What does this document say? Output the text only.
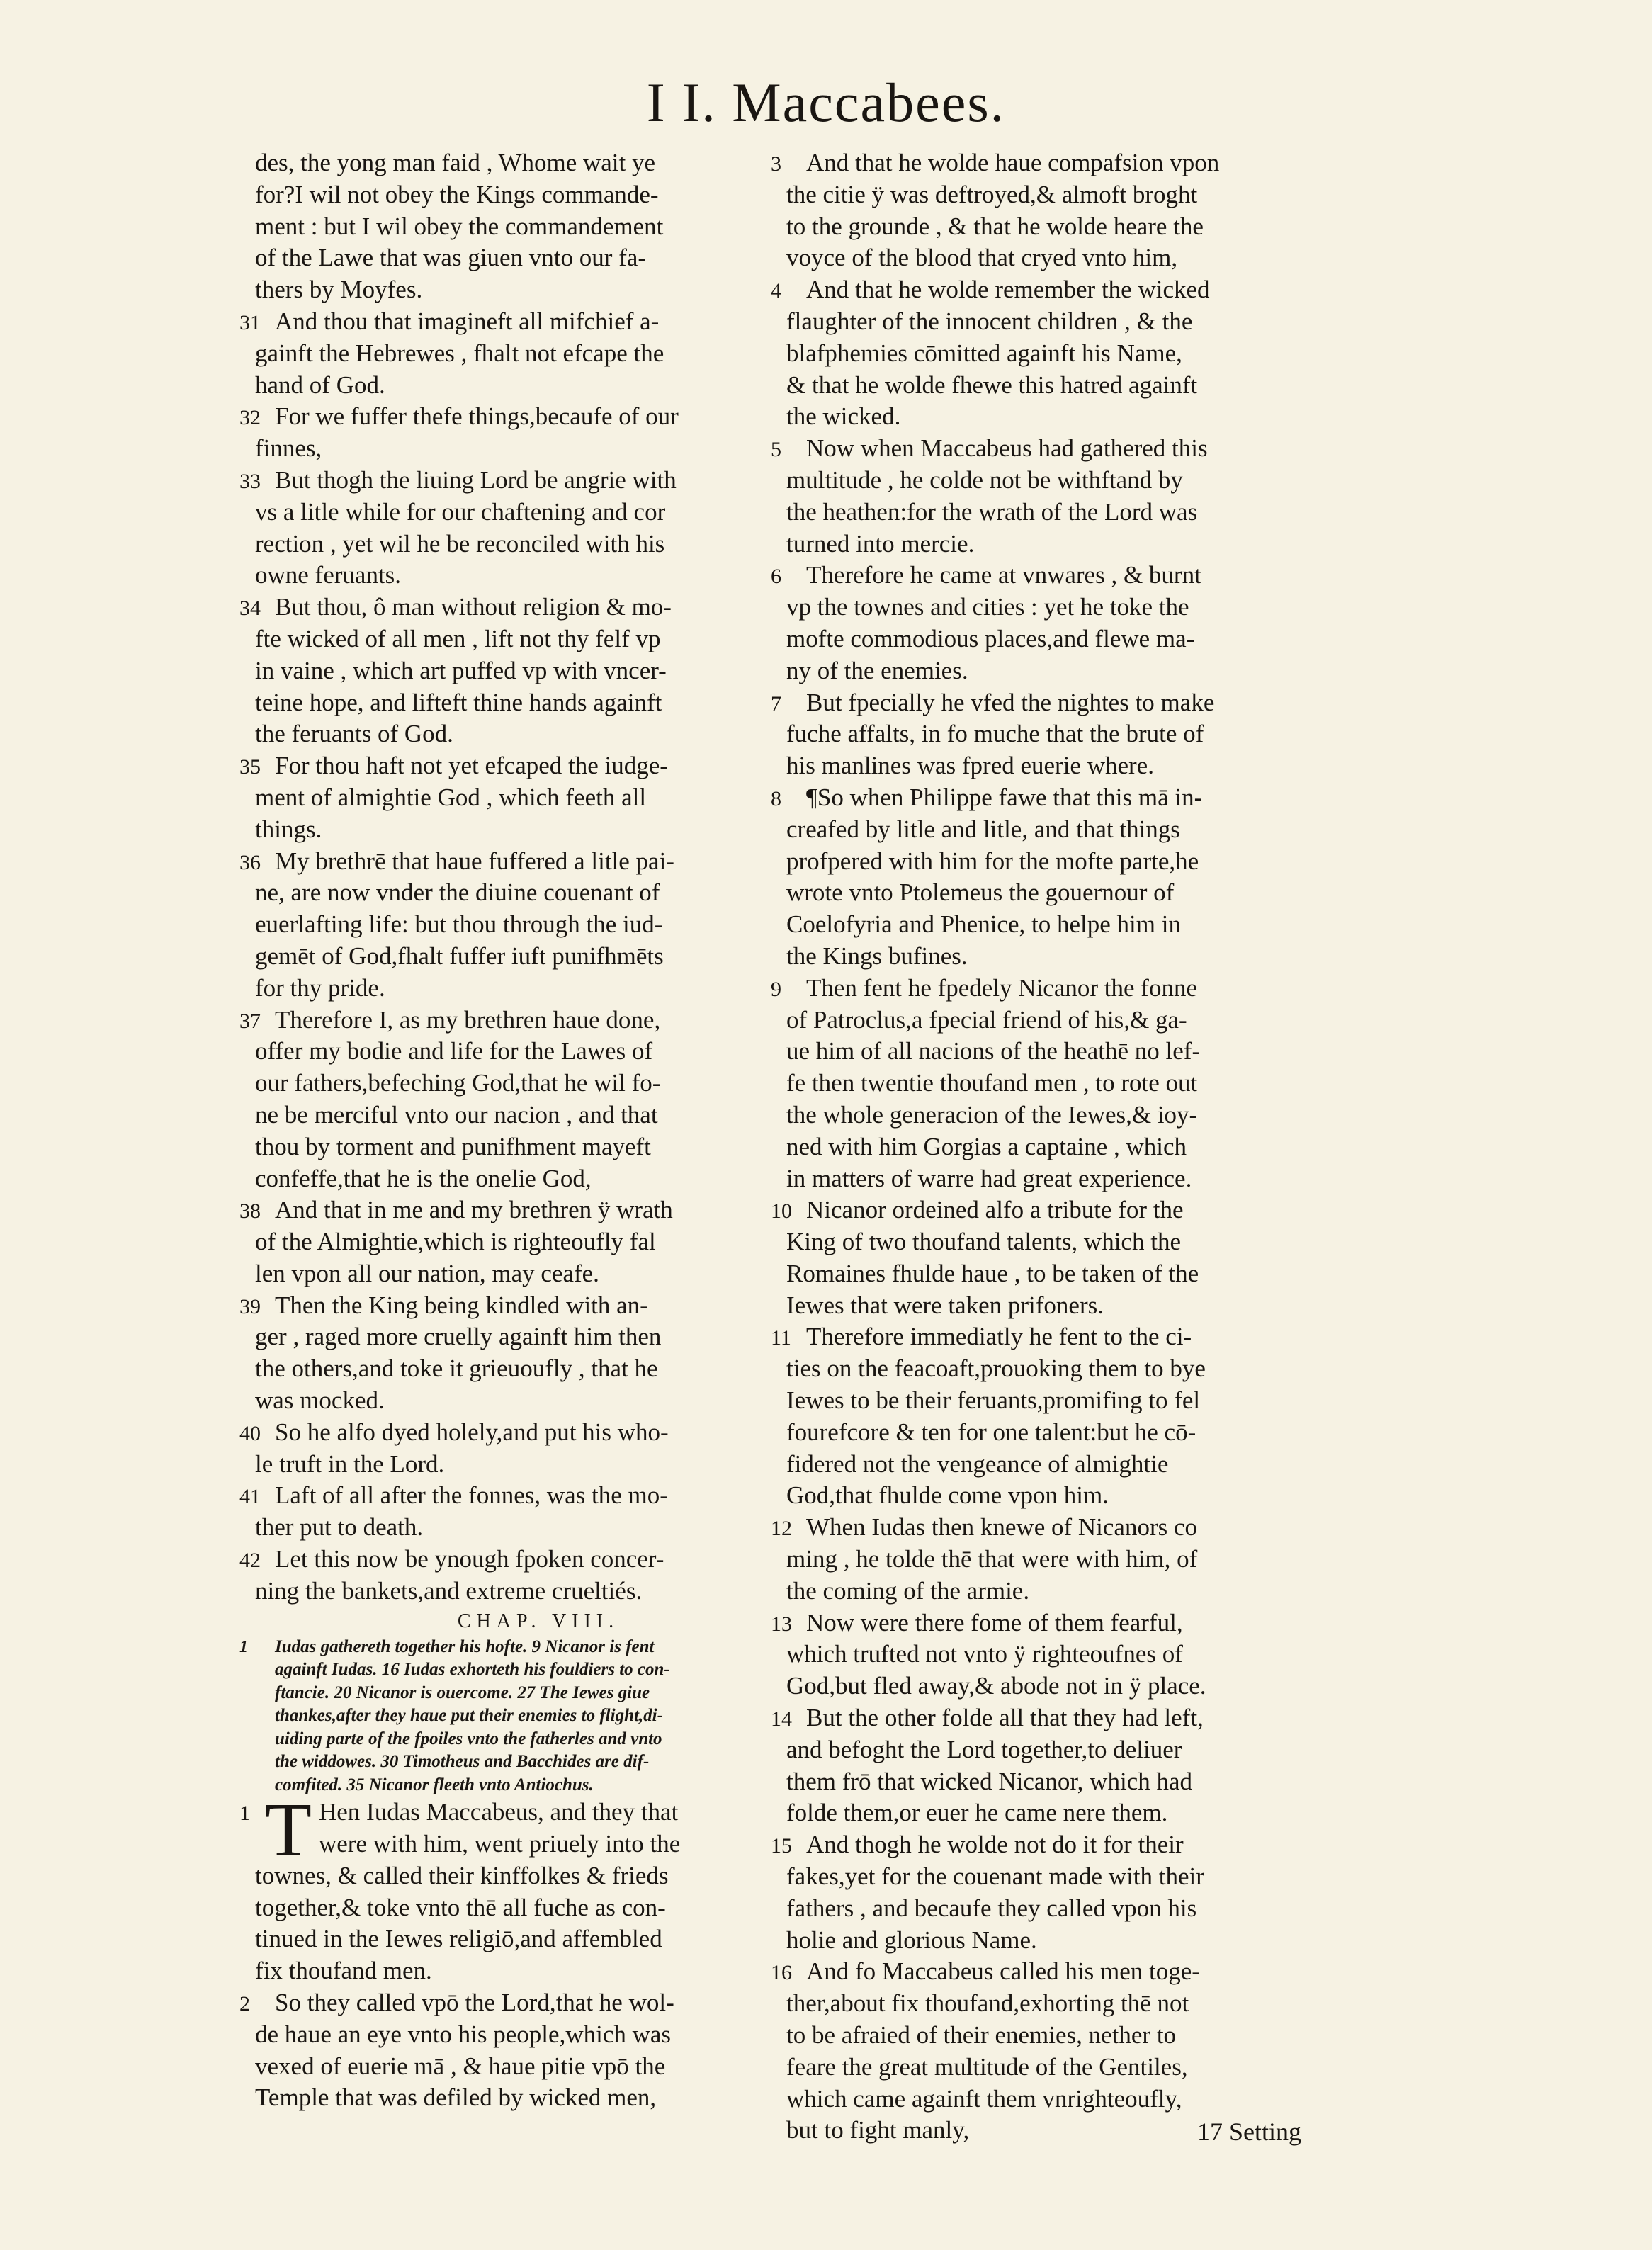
I I. Maccabees.
des, the yong man faid , Whome wait ye
for?I wil not obey the Kings commande-
ment : but I wil obey the commandement
of the Lawe that was giuen vnto our fa-
thers by Moyfes.
31 And thou that imagineft all mifchief a-
gainft the Hebrewes , fhalt not efcape the
hand of God.
32 For we fuffer thefe things,becaufe of our
finnes,
33 But thogh the liuing Lord be angrie with
vs a litle while for our chaftening and cor
rection , yet wil he be reconciled with his
owne feruants.
34 But thou, ô man without religion & mo-
fte wicked of all men , lift not thy felf vp
in vaine , which art puffed vp with vncer-
teine hope, and lifteft thine hands againft
the feruants of God.
35 For thou haft not yet efcaped the iudge-
ment of almightie God , which feeth all
things.
36 My brethrē that haue fuffered a litle pai-
ne, are now vnder the diuine couenant of
euerlafting life: but thou through the iud-
gemēt of God,fhalt fuffer iuft punifhmēts
for thy pride.
37 Therefore I, as my brethren haue done,
offer my bodie and life for the Lawes of
our fathers,befeching God,that he wil fo-
ne be merciful vnto our nacion , and that
thou by torment and punifhment mayeft
confeffe,that he is the onelie God,
38 And that in me and my brethren ÿ wrath
of the Almightie,which is righteoufly fal
len vpon all our nation, may ceafe.
39 Then the King being kindled with an-
ger , raged more cruelly againft him then
the others,and toke it grieuoufly , that he
was mocked.
40 So he alfo dyed holely,and put his who-
le truft in the Lord.
41 Laft of all after the fonnes, was the mo-
ther put to death.
42 Let this now be ynough fpoken concer-
ning the bankets,and extreme crueltiés.
CHAP. VIII.
1 Iudas gathereth together his hofte. 9 Nicanor is fent
againft Iudas. 16 Iudas exhorteth his fouldiers to con-
ftancie. 20 Nicanor is ouercome. 27 The Iewes giue
thankes,after they haue put their enemies to flight,di-
uiding parte of the fpoiles vnto the fatherles and vnto
the widdowes. 30 Timotheus and Bacchides are dif-
comfited. 35 Nicanor fleeth vnto Antiochus.
T
1	Hen Iudas Maccabeus, and they that
were with him, went priuely into the
townes, & called their kinffolkes & frieds
together,& toke vnto thē all fuche as con-
tinued in the Iewes religiō,and affembled
fix thoufand men.
2 So they called vpō the Lord,that he wol-
de haue an eye vnto his people,which was
vexed of euerie mā , & haue pitie vpō the
Temple that was defiled by wicked men,
3 And that he wolde haue compafsion vpon
the citie ÿ was deftroyed,& almoft broght
to the grounde , & that he wolde heare the
voyce of the blood that cryed vnto him,
4 And that he wolde remember the wicked
flaughter of the innocent children , & the
blafphemies cōmitted againft his Name,
& that he wolde fhewe this hatred againft
the wicked.
5 Now when Maccabeus had gathered this
multitude , he colde not be withftand by
the heathen:for the wrath of the Lord was
turned into mercie.
6 Therefore he came at vnwares , & burnt
vp the townes and cities : yet he toke the
mofte commodious places,and flewe ma-
ny of the enemies.
7 But fpecially he vfed the nightes to make
fuche affalts, in fo muche that the brute of
his manlines was fpred euerie where.
8 ¶So when Philippe fawe that this mā in-
creafed by litle and litle, and that things
profpered with him for the mofte parte,he
wrote vnto Ptolemeus the gouernour of
Coelofyria and Phenice, to helpe him in
the Kings bufines.
9 Then fent he fpedely Nicanor the fonne
of Patroclus,a fpecial friend of his,& ga-
ue him of all nacions of the heathē no lef-
fe then twentie thoufand men , to rote out
the whole generacion of the Iewes,& ioy-
ned with him Gorgias a captaine , which
in matters of warre had great experience.
10 Nicanor ordeined alfo a tribute for the
King of two thoufand talents, which the
Romaines fhulde haue , to be taken of the
Iewes that were taken prifoners.
11 Therefore immediatly he fent to the ci-
ties on the feacoaft,prouoking them to bye
Iewes to be their feruants,promifing to fel
fourefcore & ten for one talent:but he cō-
fidered not the vengeance of almightie
God,that fhulde come vpon him.
12 When Iudas then knewe of Nicanors co
ming , he tolde thē that were with him, of
the coming of the armie.
13 Now were there fome of them fearful,
which trufted not vnto ÿ righteoufnes of
God,but fled away,& abode not in ÿ place.
14 But the other folde all that they had left,
and befoght the Lord together,to deliuer
them frō that wicked Nicanor, which had
folde them,or euer he came nere them.
15 And thogh he wolde not do it for their
fakes,yet for the couenant made with their
fathers , and becaufe they called vpon his
holie and glorious Name.
16 And fo Maccabeus called his men toge-
ther,about fix thoufand,exhorting thē not
to be afraied of their enemies, nether to
feare the great multitude of the Gentiles,
which came againft them vnrighteoufly,
but to fight manly,	17 Setting
